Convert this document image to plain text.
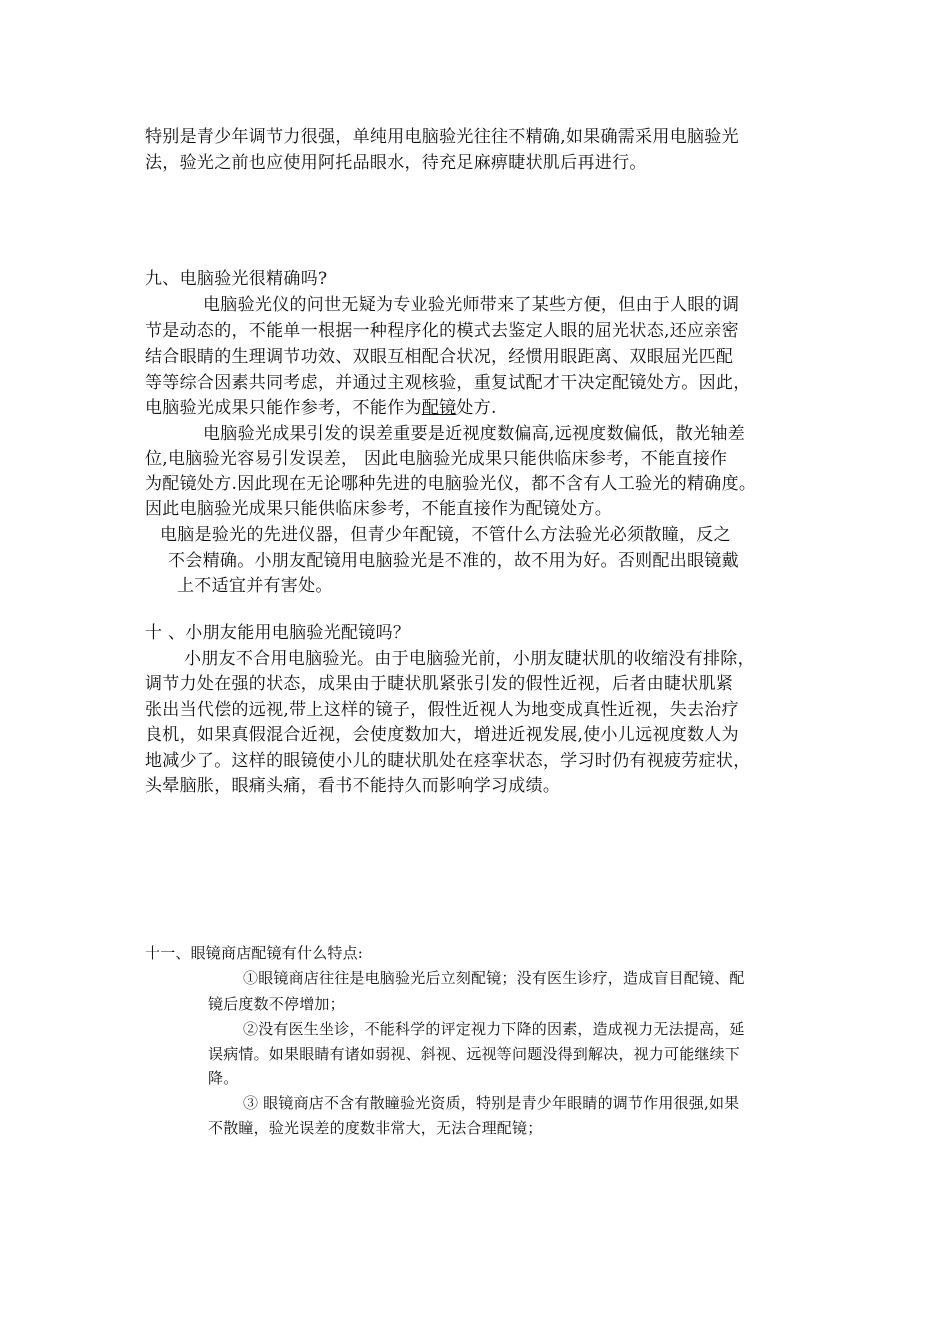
特别是青少年调节力很强，单纯用电脑验光往往不精确,如果确需采用电脑验光
法，验光之前也应使用阿托品眼水，待充足麻痹睫状肌后再进行。
九、电脑验光很精确吗?
电脑验光仪的问世无疑为专业验光师带来了某些方便，但由于人眼的调
节是动态的，不能单一根据一种程序化的模式去鉴定人眼的屈光状态,还应亲密
结合眼睛的生理调节功效、双眼互相配合状况，经惯用眼距离、双眼屈光匹配
等等综合因素共同考虑，并通过主观核验，重复试配才干决定配镜处方。因此，
电脑验光成果只能作参考，不能作为配镜处方.
电脑验光成果引发的误差重要是近视度数偏高,远视度数偏低，散光轴差
位,电脑验光容易引发误差， 因此电脑验光成果只能供临床参考，不能直接作
为配镜处方.因此现在无论哪种先进的电脑验光仪，都不含有人工验光的精确度。
因此电脑验光成果只能供临床参考，不能直接作为配镜处方。
电脑是验光的先进仪器，但青少年配镜，不管什么方法验光必须散瞳，反之
不会精确。小朋友配镜用电脑验光是不准的，故不用为好。否则配出眼镜戴
上不适宜并有害处。
十 、小朋友能用电脑验光配镜吗？
小朋友不合用电脑验光。由于电脑验光前，小朋友睫状肌的收缩没有排除，
调节力处在强的状态，成果由于睫状肌紧张引发的假性近视，后者由睫状肌紧
张出当代偿的远视,带上这样的镜子，假性近视人为地变成真性近视，失去治疗
良机，如果真假混合近视，会使度数加大，增进近视发展,使小儿远视度数人为
地减少了。这样的眼镜使小儿的睫状肌处在痉挛状态，学习时仍有视疲劳症状，
头晕脑胀，眼痛头痛，看书不能持久而影响学习成绩。
十一、眼镜商店配镜有什么特点:
①眼镜商店往往是电脑验光后立刻配镜；没有医生诊疗，造成盲目配镜、配
镜后度数不停增加；
②没有医生坐诊，不能科学的评定视力下降的因素，造成视力无法提高，延
误病情。如果眼睛有诸如弱视、斜视、远视等问题没得到解决，视力可能继续下
降。
③ 眼镜商店不含有散瞳验光资质，特别是青少年眼睛的调节作用很强,如果
不散瞳，验光误差的度数非常大，无法合理配镜；
